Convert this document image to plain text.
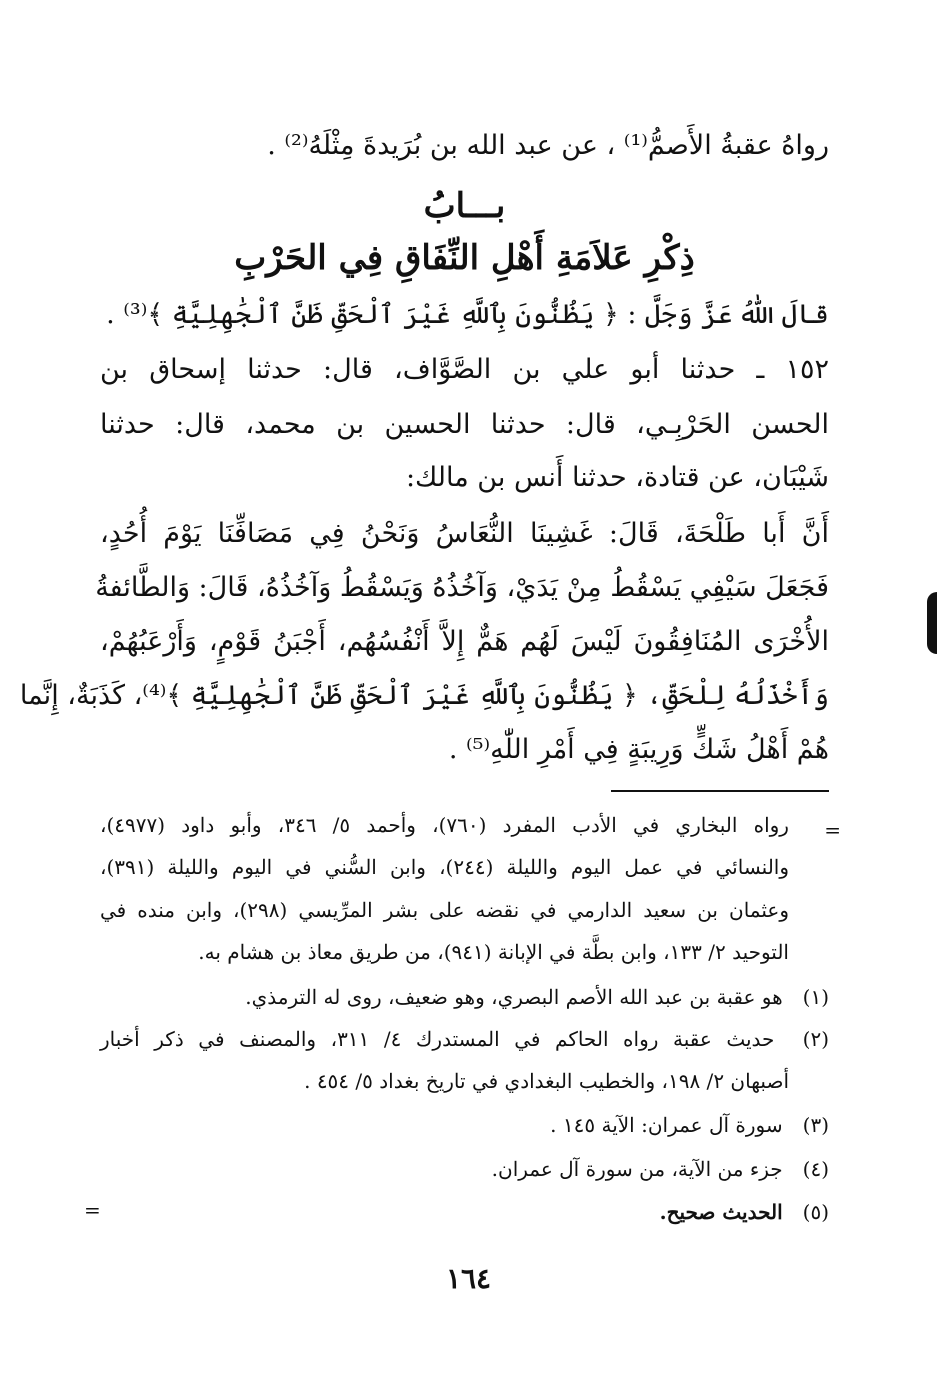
رواهُ عقبةُ الأَصمُّ⁽¹⁾ ، عن عبد الله بن بُرَيدةَ مِثْلَهُ⁽²⁾ .
بـــابُ
ذِكْرِ عَلاَمَةِ أَهْلِ النِّفَاقِ فِي الحَرْبِ
قالَ اللّٰهُ عَزَّ وَجَلَّ : ﴿ يَظُنُّونَ بِٱللَّهِ غَيْرَ ٱلْحَقِّ ظَنَّ ٱلْجَٰهِلِيَّةِ ﴾⁽³⁾ .
١٥٢ ـ حدثنا أبو علي بن الصَّوَّاف، قال: حدثنا إسحاق بن
الحسن الحَرْبِـي، قال: حدثنا الحسين بن محمد، قال: حدثنا
شَيْبَان، عن قتادة، حدثنا أَنس بن مالك:
أَنَّ أَبا طَلْحَةَ، قَالَ: غَشِينَا النُّعَاسُ وَنَحْنُ فِي مَصَافِّنَا يَوْمَ أُحُدٍ،
فَجَعَلَ سَيْفِي يَسْقُطُ مِنْ يَدَيْ، وَآخُذُهُ وَيَسْقُطُ وَآخُذُهُ، قَالَ: وَالطَّائفةُ
الأُخْرَى المُنَافِقُونَ لَيْسَ لَهُم هَمٌّ إِلاَّ أَنْفُسُهُم، أَجْبَنُ قَوْمٍ، وَأَرْعَبُهُمْ،
وَأَخْذَلُهُ لِلْحَقِّ، ﴿ يَظُنُّونَ بِٱللَّهِ غَيْرَ ٱلْحَقِّ ظَنَّ ٱلْجَٰهِلِيَّةِ ﴾⁽⁴⁾، كَذَبَةٌ، إِنَّما
هُمْ أَهْلُ شَكٍّ وَرِيبَةٍ فِي أَمْرِ اللّٰهِ⁽⁵⁾ .
=
رواه البخاري في الأدب المفرد (٧٦٠)، وأحمد ٥/ ٣٤٦، وأبو داود (٤٩٧٧)،
والنسائي في عمل اليوم والليلة (٢٤٤)، وابن السُّني في اليوم والليلة (٣٩١)،
وعثمان بن سعيد الدارمي في نقضه على بشر المرِّيسي (٢٩٨)، وابن منده في
التوحيد ٢/ ١٣٣، وابن بطَّة في الإبانة (٩٤١)، من طريق معاذ بن هشام به.
(١) هو عقبة بن عبد الله الأصم البصري، وهو ضعيف، روى له الترمذي.
(٢) حديث عقبة رواه الحاكم في المستدرك ٤/ ٣١١، والمصنف في ذكر أخبار
أصبهان ٢/ ١٩٨، والخطيب البغدادي في تاريخ بغداد ٥/ ٤٥٤ .
(٣) سورة آل عمران: الآية ١٤٥ .
(٤) جزء من الآية، من سورة آل عمران.
(٥) الحديث صحيح.
=
١٦٤
